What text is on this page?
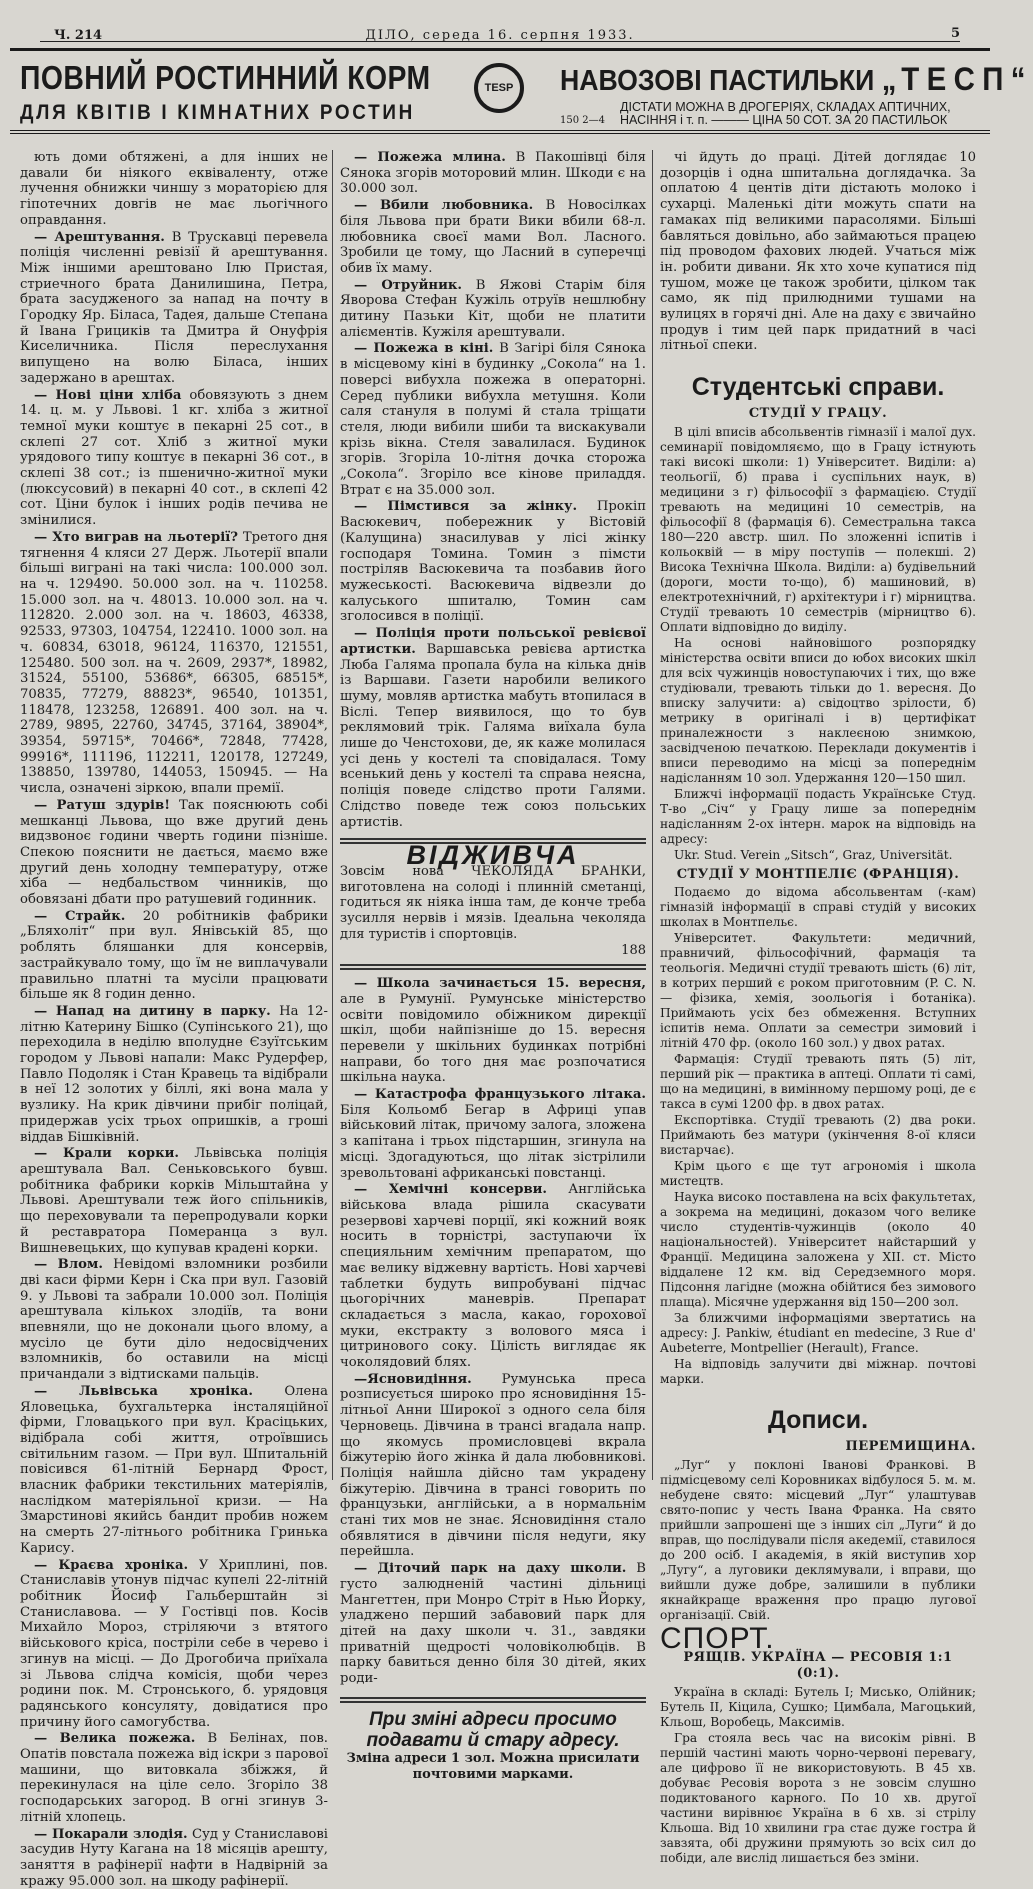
Ч. 214	ДІЛО, середа 16. серпня 1933.	5
ПОВНИЙ РОСТИННИЙ КОРМ
ДЛЯ КВІТІВ І КІМНАТНИХ РОСТИН
TESP	НАВОЗОВІ ПАСТИЛЬКИ „ТЕСП“
ДІСТАТИ МОЖНА В ДРОГЕРІЯХ, СКЛАДАХ АПТИЧНИХ,
НАСІННЯ і т. п. ——— ЦІНА 50 СОТ. ЗА 20 ПАСТИЛЬОК
150 2—4

ють доми обтяжені, а для інших не давали би ніякого еквіваленту, отже лучення обнижки чиншу з мораторією для гіпотечних довгів не має льогічного оправдання.

— Арештування. В Трускавці перевела поліція численні ревізії й арештування. Між іншими арештовано Ілю Пристая, стриечного брата Данилишина, Петра, брата засудженого за напад на почту в Городку Яр. Біласа, Тадея, дальше Степана й Івана Грициків та Дмитра й Онуфрія Киселичника. Після переслухання випущено на волю Біласа, інших задержано в арештах.

— Нові ціни хліба обовязують з днем 14. ц. м. у Львові. 1 кг. хліба з житної темної муки коштує в пекарні 25 сот., в склепі 27 сот. Хліб з житної муки урядового типу коштує в пекарні 36 сот., в склепі 38 сот.; із пшенично-житної муки (люксусовий) в пекарні 40 сот., в склепі 42 сот. Ціни булок і інших родів печива не змінилися.

— Хто виграв на льотерії? Третого дня тягнення 4 кляси 27 Держ. Льотерії впали більші виграні на такі числа: 100.000 зол. на ч. 129490. 50.000 зол. на ч. 110258. 15.000 зол. на ч. 48013. 10.000 зол. на ч. 112820. 2.000 зол. на ч. 18603, 46338, 92533, 97303, 104754, 122410. 1000 зол. на ч. 60834, 63018, 96124, 116370, 121551, 125480. 500 зол. на ч. 2609, 2937*, 18982, 31524, 55100, 53686*, 66305, 68515*, 70835, 77279, 88823*, 96540, 101351, 118478, 123258, 126891. 400 зол. на ч. 2789, 9895, 22760, 34745, 37164, 38904*, 39354, 59715*, 70466*, 72848, 77428, 99916*, 111196, 112211, 120178, 127249, 138850, 139780, 144053, 150945. — На числа, означені зіркою, впали премії.

— Ратуш здурів! Так пояснюють собі мешканці Львова, що вже другий день видзвоноє години чверть години пізніше. Спекою пояснити не дається, маємо вже другий день холодну температуру, отже хіба — недбальством чинників, що обовязані дбати про ратушевий годинник.

— Страйк. 20 робітників фабрики „Бляхоліт“ при вул. Янівській 85, що роблять бляшанки для консервів, застрайкувало тому, що їм не виплачували правильно платні та мусіли працювати більше як 8 годин денно.

— Напад на дитину в парку. На 12-літню Катерину Бішко (Супінського 21), що переходила в неділю вполудне Єзуїтським городом у Львові напали: Макс Рудерфер, Павло Подоляк і Стан Кравець та відібрали в неї 12 золотих у біллі, які вона мала у вузлику. На крик дівчини прибіг поліцай, придержав усіх трьох опришків, а гроші віддав Бішківній.

— Крали корки. Львівська поліція арештувала Вал. Сеньковського бувш. робітника фабрики корків Мільштайна у Львові. Арештували теж його спільників, що переховували та перепродували корки й реставратора Померанца з вул. Вишневецьких, що купував крадені корки.

— Влом. Невідомі взломники розбили дві каси фірми Керн і Ска при вул. Газовій 9. у Львові та забрали 10.000 зол. Поліція арештувала кількох злодіїв, та вони впевняли, що не доконали цього влому, а мусіло це бути діло недосвідчених взломників, бо оставили на місці причандали з відтисками пальців.

— Львівська хроніка. Олена Яловецька, бухгальтерка інсталяційної фірми, Гловацького при вул. Красіцьких, відібрала собі життя, отроївшись світильним газом. — При вул. Шпитальній повісився 61-літній Бернард Фрост, власник фабрики текстильних матеріялів, наслідком матеріяльної кризи. — На Змарстинові якийсь бандит пробив ножем на смерть 27-літнього робітника Гринька Карису.

— Краєва хроніка. У Хриплині, пов. Станиславів утонув підчас купелі 22-літній робітник Йосиф Гальберштайн зі Станиславова. — У Гостівці пов. Косів Михайло Мороз, стріляючи з втятого військового кріса, постріли себе в черево і згинув на місці. — До Дрогобича приїхала зі Львова слідча комісія, щоби через родини пок. М. Стронського, б. урядовця радянського консуляту, довідатися про причину його самогубства.

— Велика пожежа. В Белінах, пов. Опатів повстала пожежа від іскри з парової машини, що витовкала збіжжя, й перекинулася на ціле село. Згоріло 38 господарських загород. В огні згинув 3-літній хлопець.

— Покарали злодія. Суд у Станиславові засудив Нуту Кагана на 18 місяців арешту, заняття в рафінерії нафти в Надвірній за кражу 95.000 зол. на шкоду рафінерії.

— Пожежа млина. В Пакошівці біля Сянока згорів моторовий млин. Шкоди є на 30.000 зол.

— Вбили любовника. В Новосілках біля Львова при брати Вики вбили 68-л. любовника своєї мами Вол. Ласного. Зробили це тому, що Ласний в суперечці обив їх маму.

— Отруйник. В Яжові Старім біля Яворова Стефан Кужіль отруїв нешлюбну дитину Пазьки Кіт, щоби не платити алієментів. Кужіля арештували.

— Пожежа в кіні. В Загірі біля Сянока в місцевому кіні в будинку „Сокола“ на 1. поверсі вибухла пожежа в операторні. Серед публики вибухла метушня. Коли саля стануля в полумі й стала тріщати стеля, люди вибили шиби та вискакували крізь вікна. Стеля завалилася. Будинок згорів. Згоріла 10-літня дочка сторожа „Сокола“. Згоріло все кінове приладдя. Втрат є на 35.000 зол.

— Пімстився за жінку. Прокіп Васюкевич, побережник у Вістовій (Калущина) знасилував у лісі жінку господаря Томина. Томин з пімсти постріляв Васюкевича та позбавив його мужеськості. Васюкевича відвезли до калуського шпиталю, Томин сам зголосився в поліції.

— Поліція проти польської ревієвої артистки. Варшавська ревієва артистка Люба Галяма пропала була на кілька днів із Варшави. Газети наробили великого шуму, мовляв артистка мабуть втопилася в Віслі. Тепер виявилося, що то був реклямовий трік. Галяма виїхала була лише до Ченстохови, де, як каже молилася усі день у костелі та сповідалася. Тому всенький день у костелі та справа неясна, поліція поведе слідство проти Галями. Слідство поведе теж союз польських артистів.

ВІДЖИВЧА

Зовсім нова ЧЕКОЛЯДА БРАНКИ, виготовлена на солоді і плинній сметанці, годиться як ніяка інша там, де конче треба зусилля нервів і мязів. Ідеальна чеколяда для туристів і спортовців.

188

— Школа зачинається 15. вересня, але в Румунії. Румунське міністерство освіти повідомило обіжником дирекції шкіл, щоби найпізніше до 15. вересня перевели у шкільних будинках потрібні направи, бо того дня має розпочатися шкільна наука.

— Катастрофа французького літака. Біля Кольомб Бегар в Африці упав військовий літак, причому залога, зложена з капітана і трьох підстаршин, згинула на місці. Здогадуються, що літак зістрілили зревольтовані африканські повстанці.

— Хемічні консерви. Англійська військова влада рішила скасувати резервові харчеві порції, які кожний вояк носить в торністрі, заступаючи їх специяльним хемічним препаратом, що має велику віджевну вартість. Нові харчеві таблетки будуть випробувані підчас цьогорічних маневрів. Препарат складається з масла, какао, горохової муки, екстракту з волового мяса і цитринового соку. Цілість виглядає як чоколядовий блях.

—Ясновидіння. Румунська преса розписується широко про ясновидіння 15-літньої Анни Широкої з одного села біля Черновець. Дівчина в трансі вгадала напр. що якомусь промисловцеві вкрала біжутерію його жінка й дала любовникові. Поліція найшла дійсно там украдену біжутерію. Дівчина в трансі говорить по французьки, англійськи, а в нормальнім стані тих мов не знає. Ясновидіння стало обявлятися в дівчини після недуги, яку перейшла.

— Діточий парк на даху школи. В густо залюдненій частині дільниці Мангеттен, при Монро Стріт в Нью Йорку, уладжено перший забавовий парк для дітей на даху школи ч. 31., завдяки приватній щедрості чоловіколюбців. В парку бавиться денно біля 30 дітей, яких роди-

При зміні адреси просимо подавати й стару адресу.

Зміна адреси 1 зол. Можна присилати почтовими марками.

чі йдуть до праці. Дітей доглядає 10 дозорців і одна шпитальна доглядачка. За оплатою 4 центів діти дістають молоко і сухарці. Маленькі діти можуть спати на гамаках під великими парасолями. Більші бавляться довільно, або займаються працею під проводом фахових людей. Учаться між ін. робити дивани. Як хто хоче купатися під тушом, може це також зробити, цілком так само, як під прилюдними тушами на вулицях в горячі дні. Але на даху є звичайно продув і тим цей парк придатний в часі літньої спеки.

Студентські справи.
СТУДІЇ У ГРАЦУ.

В цілі вписів абсольвентів гімназії і малої дух. семинарії повідомляємо, що в Грацу істнують такі високі школи: 1) Університет. Виділи: а) теольогії, б) права і суспільних наук, в) медицини з г) фільософії з фармацією. Студії тревають на медицині 10 семестрів, на фільософії 8 (фармація 6). Семестральна такса 180—220 австр. шил. По зложенні іспитів і кольоквій — в міру поступів — полекші. 2) Висока Технічна Школа. Виділи: а) будівельний (дороги, мости то-що), б) машиновий, в) електротехнічний, г) архітектури і г) мірництва. Студії тревають 10 семестрів (мірництво 6). Оплати відповідно до виділу.

На основі найновішого розпорядку міністерства освіти вписи до юбох високих шкіл для всіх чужинців новоступаючих і тих, що вже студіювали, тревають тільки до 1. вересня. До вписку залучити: а) свідоцтво зрілости, б) метрику в оригіналі і в) цертифікат приналежности з наклеєною знимкою, засвідченою печаткою. Переклади документів і вписи переводимо на місці за попереднім надісланням 10 зол. Удержання 120—150 шил.

Ближчі інформації подасть Українське Студ. Т-во „Січ“ у Грацу лише за попереднім надісланням 2-ох інтерн. марок на відповідь на адресу:

Ukr. Stud. Verein „Sitsch“, Graz, Universität.

СТУДІЇ У МОНТПЕЛІЄ (ФРАНЦІЯ).

Подаємо до відома абсольвентам (-кам) гімназій інформації в справі студій у високих школах в Монтпельє.

Університет. Факультети: медичний, правничий, фільософічний, фармація та теольогія. Медичні студії тревають шість (6) літ, в котрих перший є роком приготовним (P. C. N. — фізика, хемія, зоольогія і ботаніка). Приймають усіх без обмеження. Вступних іспитів нема. Оплати за семестри зимовий і літній 470 фр. (около 160 зол.) у двох ратах.

Фармація: Студії тревають пять (5) літ, перший рік — практика в аптеці. Оплати ті самі, що на медицині, в вимінному першому році, де є такса в сумі 1200 фр. в двох ратах.

Експортівка. Студії тревають (2) два роки. Приймають без матури (укінчення 8-ої кляси вистарчає).

Крім цього є ще тут агрономія і школа мистецтв.

Наука високо поставлена на всіх факультетах, а зокрема на медицині, доказом чого велике число студентів-чужинців (около 40 національностей). Університет найстарший у Франції. Медицина заложена у XII. ст. Місто віддалене 12 км. від Середземного моря. Підсоння лагідне (можна обійтися без зимового плаща). Місячне удержання від 150—200 зол.

За ближчими інформаціями звертатись на адресу: J. Pankiw, étudiant en medecine, 3 Rue d' Aubeterre, Montpellier (Herault), France.

На відповідь залучити дві міжнар. почтові марки.

Дописи.
ПЕРЕМИЩИНА.

„Луг“ у поклоні Іванові Франкові. В підмісцевому селі Коровниках відбулося 5. м. м. небудене свято: місцевий „Луг“ улаштував свято-попис у честь Івана Франка. На свято прийшли запрошені ще з інших сіл „Луги“ й до вправ, що послідували після акедемії, ставилося до 200 осіб. І академія, в якій виступив хор „Лугу“, а луговики деклямували, і вправи, що вийшли дуже добре, залишили в публики якнайкраще враження про працю лугової організації. Свій.

СПОРТ.
РЯЩІВ. УКРАЇНА — РЕСОВІЯ 1:1 (0:1).

Україна в складі: Бутель І; Мисько, Олійник; Бутель ІІ, Кіцила, Сушко; Цимбала, Магоцький, Кльош, Воробець, Максимів.

Гра стояла весь час на високім рівні. В першій частині мають чорно-червоні перевагу, але цифрово її не використовують. В 45 хв. добуває Ресовія ворота з не зовсім слушно подиктованого карного. По 10 хв. другої частини вирівнює Україна в 6 хв. зі стрілу Кльоша. Від 10 хвилини гра стає дуже гостра й завзята, обі дружини прямують зо всіх сил до побіди, але вислід лишається без зміни.
